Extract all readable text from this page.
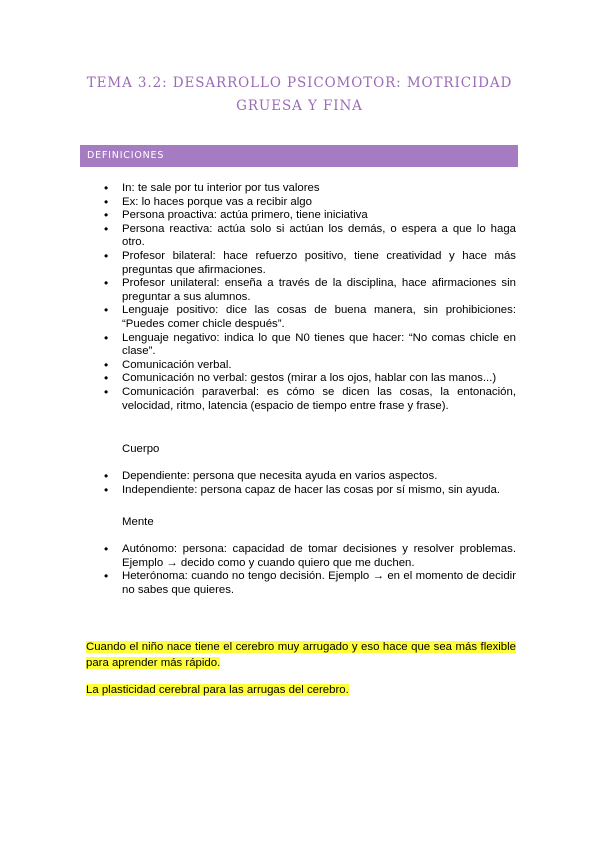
TEMA 3.2: DESARROLLO PSICOMOTOR: MOTRICIDAD
GRUESA Y FINA
DEFINICIONES
• In: te sale por tu interior por tus valores
• Ex: lo haces porque vas a recibir algo
• Persona proactiva: actúa primero, tiene iniciativa
• Persona reactiva: actúa solo si actúan los demás, o espera a que lo haga otro.
• Profesor bilateral: hace refuerzo positivo, tiene creatividad y hace más preguntas que afirmaciones.
• Profesor unilateral: enseña a través de la disciplina, hace afirmaciones sin preguntar a sus alumnos.
• Lenguaje positivo: dice las cosas de buena manera, sin prohibiciones: “Puedes comer chicle después”.
• Lenguaje negativo: indica lo que N0 tienes que hacer: “No comas chicle en clase”.
• Comunicación verbal.
• Comunicación no verbal: gestos (mirar a los ojos, hablar con las manos...)
• Comunicación paraverbal: es cómo se dicen las cosas, la entonación, velocidad, ritmo, latencia (espacio de tiempo entre frase y frase).
Cuerpo
• Dependiente: persona que necesita ayuda en varios aspectos.
• Independiente: persona capaz de hacer las cosas por sí mismo, sin ayuda.
Mente
• Autónomo: persona: capacidad de tomar decisiones y resolver problemas. Ejemplo → decido como y cuando quiero que me duchen.
• Heterónoma: cuando no tengo decisión. Ejemplo → en el momento de decidir no sabes que quieres.
Cuando el niño nace tiene el cerebro muy arrugado y eso hace que sea más flexible para aprender más rápido.
La plasticidad cerebral para las arrugas del cerebro.
